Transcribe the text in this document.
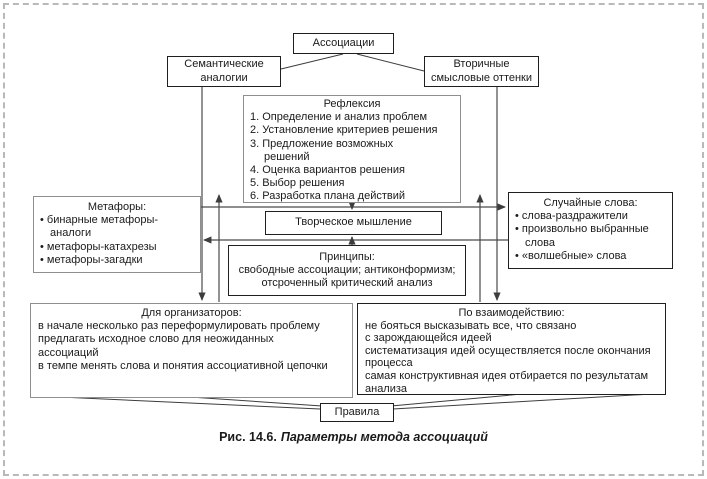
Ассоциации
Семантические аналогии
Вторичные смысловые оттенки
Рефлексия
1. Определение и анализ проблем
2. Установление критериев решения
3. Предложение возможных
решений
4. Оценка вариантов решения
5. Выбор решения
6. Разработка плана действий
Метафоры:
• бинарные метафоры-
аналоги
• метафоры-катахрезы
• метафоры-загадки
Случайные слова:
• слова-раздражители
• произвольно выбранные
слова
• «волшебные» слова
Творческое мышление
Принципы:
свободные ассоциации; антиконформизм;
отсроченный критический анализ
Для организаторов:
в начале несколько раз переформулировать проблему
предлагать исходное слово для неожиданных
ассоциаций
в темпе менять слова и понятия ассоциативной цепочки
По взаимодействию:
не бояться высказывать все, что связано
с зарождающейся идеей
систематизация идей осуществляется после окончания
процесса
самая конструктивная идея отбирается по результатам
анализа
Правила
Рис. 14.6. Параметры метода ассоциаций
